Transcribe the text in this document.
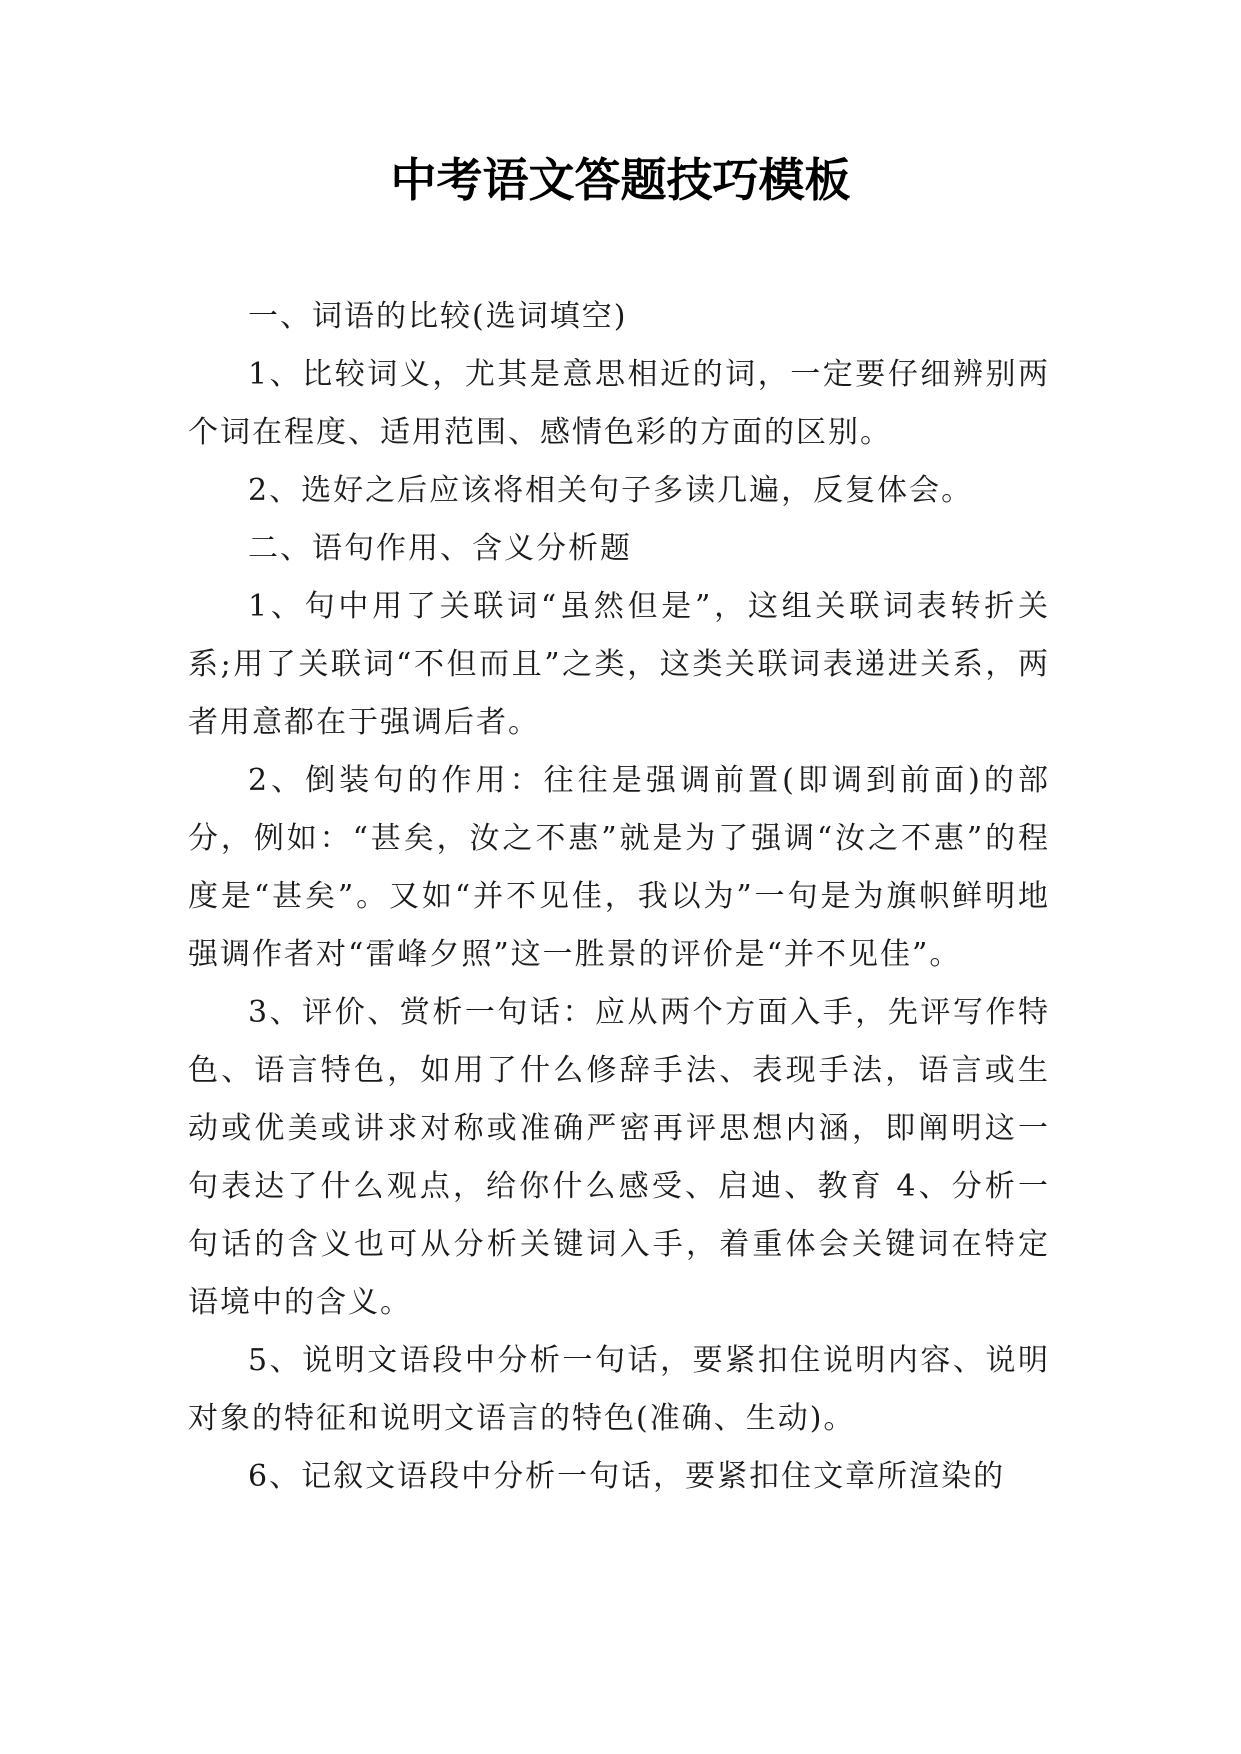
中考语文答题技巧模板

一、词语的比较(选词填空)

1、比较词义，尤其是意思相近的词，一定要仔细辨别两个词在程度、适用范围、感情色彩的方面的区别。

2、选好之后应该将相关句子多读几遍，反复体会。

二、语句作用、含义分析题

1、句中用了关联词“虽然但是”，这组关联词表转折关系;用了关联词“不但而且”之类，这类关联词表递进关系，两者用意都在于强调后者。

2、倒装句的作用：往往是强调前置(即调到前面)的部分，例如：“甚矣，汝之不惠”就是为了强调“汝之不惠”的程度是“甚矣”。又如“并不见佳，我以为”一句是为旗帜鲜明地强调作者对“雷峰夕照”这一胜景的评价是“并不见佳”。

3、评价、赏析一句话：应从两个方面入手，先评写作特色、语言特色，如用了什么修辞手法、表现手法，语言或生动或优美或讲求对称或准确严密再评思想内涵，即阐明这一句表达了什么观点，给你什么感受、启迪、教育 4、分析一句话的含义也可从分析关键词入手，着重体会关键词在特定语境中的含义。

5、说明文语段中分析一句话，要紧扣住说明内容、说明对象的特征和说明文语言的特色(准确、生动)。

6、记叙文语段中分析一句话，要紧扣住文章所渲染的
